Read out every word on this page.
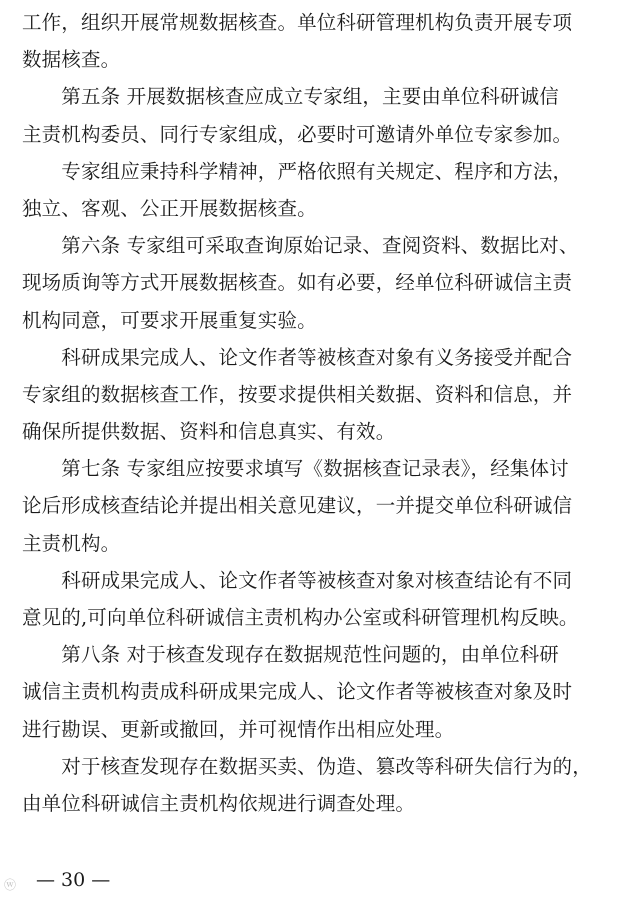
工作，组织开展常规数据核查。单位科研管理机构负责开展专项
数据核查。
　　第五条 开展数据核查应成立专家组，主要由单位科研诚信
主责机构委员、同行专家组成，必要时可邀请外单位专家参加。
　　专家组应秉持科学精神，严格依照有关规定、程序和方法，
独立、客观、公正开展数据核查。
　　第六条 专家组可采取查询原始记录、查阅资料、数据比对、
现场质询等方式开展数据核查。如有必要，经单位科研诚信主责
机构同意，可要求开展重复实验。
　　科研成果完成人、论文作者等被核查对象有义务接受并配合
专家组的数据核查工作，按要求提供相关数据、资料和信息，并
确保所提供数据、资料和信息真实、有效。
　　第七条 专家组应按要求填写《数据核查记录表》，经集体讨
论后形成核查结论并提出相关意见建议，一并提交单位科研诚信
主责机构。
　　科研成果完成人、论文作者等被核查对象对核查结论有不同
意见的,可向单位科研诚信主责机构办公室或科研管理机构反映。
　　第八条 对于核查发现存在数据规范性问题的，由单位科研
诚信主责机构责成科研成果完成人、论文作者等被核查对象及时
进行勘误、更新或撤回，并可视情作出相应处理。
　　对于核查发现存在数据买卖、伪造、篡改等科研失信行为的，
由单位科研诚信主责机构依规进行调查处理。

ⓦ — 30 —
